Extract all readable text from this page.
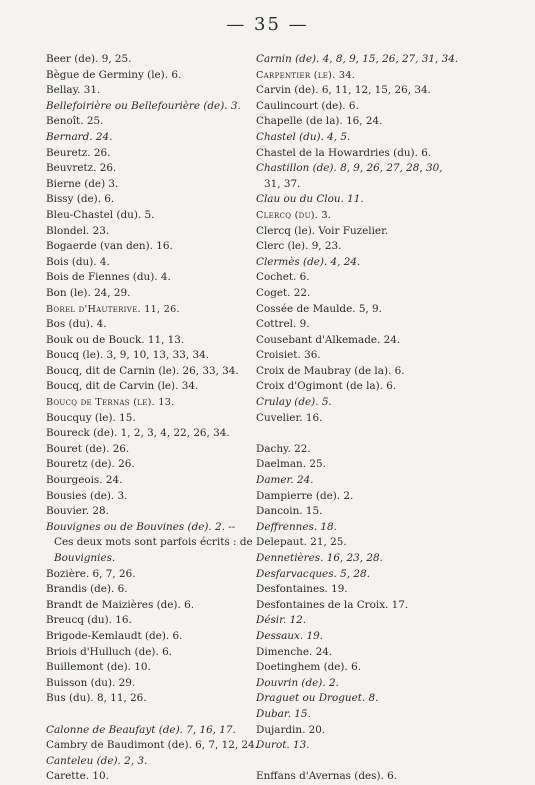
— 35 —
Beer (de). 9, 25.
Bègue de Germiny (le). 6.
Bellay. 31.
Bellefoirière ou Bellefourière (de). 3.
Benoît. 25.
Bernard. 24.
Beuretz. 26.
Beuvretz. 26.
Bierne (de) 3.
Bissy (de). 6.
Bleu-Chastel (du). 5.
Blondel. 23.
Bogaerde (van den). 16.
Bois (du). 4.
Bois de Fiennes (du). 4.
Bon (le). 24, 29.
Borel d'Hauterive. 11, 26.
Bos (du). 4.
Bouk ou de Bouck. 11, 13.
Boucq (le). 3, 9, 10, 13, 33, 34.
Boucq, dit de Carnin (le). 26, 33, 34.
Boucq, dit de Carvin (le). 34.
Boucq de Ternas (le). 13.
Boucquy (le). 15.
Boureck (de). 1, 2, 3, 4, 22, 26, 34.
Bouret (de). 26.
Bouretz (de). 26.
Bourgeois. 24.
Bousies (de). 3.
Bouvier. 28.
Bouvignes ou de Bouvines (de). 2. --
Ces deux mots sont parfois écrits : de
Bouvignies.
Bozière. 6, 7, 26.
Brandis (de). 6.
Brandt de Maizières (de). 6.
Breucq (du). 16.
Brigode-Kemlaudt (de). 6.
Briois d'Hulluch (de). 6.
Buillemont (de). 10.
Buisson (du). 29.
Bus (du). 8, 11, 26.
Calonne de Beaufayt (de). 7, 16, 17.
Cambry de Baudimont (de). 6, 7, 12, 24.
Canteleu (de). 2, 3.
Carette. 10.
Carnin (de). 4, 8, 9, 15, 26, 27, 31, 34.
Carpentier (le). 34.
Carvin (de). 6, 11, 12, 15, 26, 34.
Caulincourt (de). 6.
Chapelle (de la). 16, 24.
Chastel (du). 4, 5.
Chastel de la Howardries (du). 6.
Chastillon (de). 8, 9, 26, 27, 28, 30,
31, 37.
Clau ou du Clou. 11.
Clercq (du). 3.
Clercq (le). Voir Fuzelier.
Clerc (le). 9, 23.
Clermès (de). 4, 24.
Cochet. 6.
Coget. 22.
Cossée de Maulde. 5, 9.
Cottrel. 9.
Cousebant d'Alkemade. 24.
Croisiet. 36.
Croix de Maubray (de la). 6.
Croix d'Ogimont (de la). 6.
Crulay (de). 5.
Cuvelier. 16.
Dachy. 22.
Daelman. 25.
Damer. 24.
Dampierre (de). 2.
Dancoin. 15.
Deffrennes. 18.
Delepaut. 21, 25.
Dennetières. 16, 23, 28.
Desfarvacques. 5, 28.
Desfontaines. 19.
Desfontaines de la Croix. 17.
Désir. 12.
Dessaux. 19.
Dimenche. 24.
Doetinghem (de). 6.
Douvrin (de). 2.
Draguet ou Droguet. 8.
Dubar. 15.
Dujardin. 20.
Durot. 13.
Enffans d'Avernas (des). 6.
